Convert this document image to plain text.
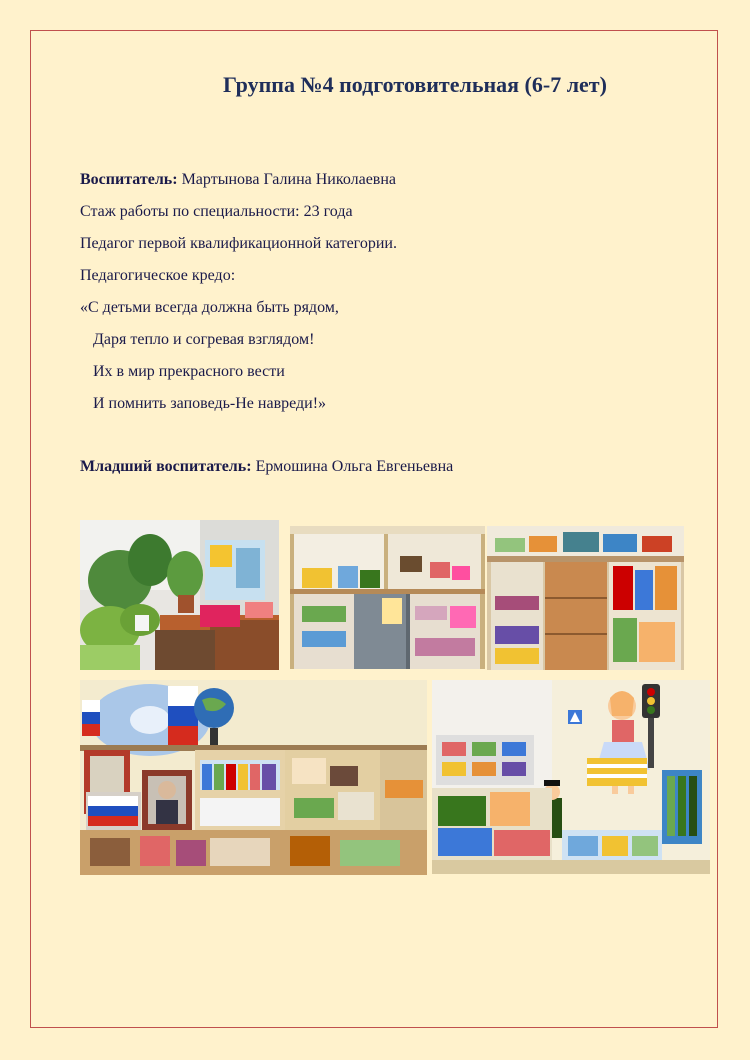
Группа №4 подготовительная (6-7 лет)
Воспитатель: Мартынова Галина Николаевна
Стаж работы по специальности: 23 года
Педагог первой квалификационной категории.
Педагогическое кредо:
«С детьми всегда должна быть рядом,
Даря тепло и согревая взглядом!
Их в мир прекрасного вести
И помнить заповедь-Не навреди!»
Младший воспитатель: Ермошина Ольга Евгеньевна
